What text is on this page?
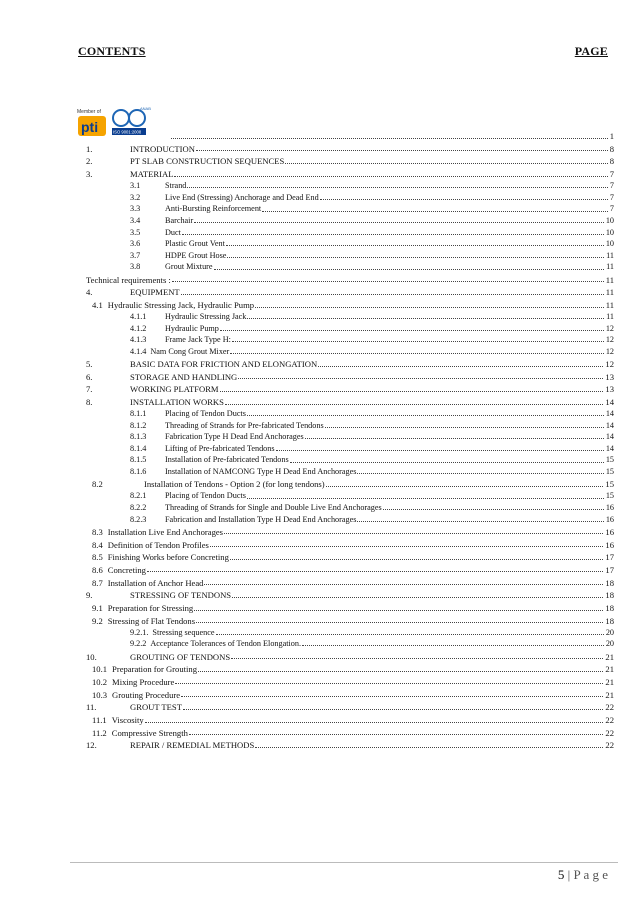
CONTENTS	PAGE
Member of
pti	ISO 9001:2008
ANAB
1
1.	INTRODUCTION	8
2.	PT SLAB CONSTRUCTION SEQUENCES	8
3.	MATERIAL	7
3.1	Strand	7
3.2	Live End (Stressing) Anchorage and Dead End	7
3.3	Anti-Bursting Reinforcement	7
3.4	Barchair	10
3.5	Duct	10
3.6	Plastic Grout Vent	10
3.7	HDPE Grout Hose	11
3.8	Grout Mixture	11
Technical requirements :	11
4.	EQUIPMENT	11
4.1 Hydraulic Stressing Jack, Hydraulic Pump	11
4.1.1	Hydraulic Stressing Jack	11
4.1.2	Hydraulic Pump	12
4.1.3	Frame Jack Type H:	12
4.1.4 Nam Cong Grout Mixer	12
5.	BASIC DATA FOR FRICTION AND ELONGATION	12
6.	STORAGE AND HANDLING	13
7.	WORKING PLATFORM	13
8.	INSTALLATION WORKS	14
8.1.1	Placing of Tendon Ducts	14
8.1.2	Threading of Strands for Pre-fabricated Tendons	14
8.1.3	Fabrication Type H Dead End Anchorages	14
8.1.4	Lifting of Pre-fabricated Tendons	14
8.1.5	Installation of Pre-fabricated Tendons	15
8.1.6	Installation of NAMCONG Type H Dead End Anchorages	15
8.2	Installation of Tendons - Option 2 (for long tendons)	15
8.2.1	Placing of Tendon Ducts	15
8.2.2	Threading of Strands for Single and Double Live End Anchorages	16
8.2.3	Fabrication and Installation Type H Dead End Anchorages	16
8.3 Installation Live End Anchorages	16
8.4 Definition of Tendon Profiles	16
8.5 Finishing Works before Concreting	17
8.6 Concreting	17
8.7 Installation of Anchor Head	18
9.	STRESSING OF TENDONS	18
9.1 Preparation for Stressing	18
9.2 Stressing of Flat Tendons	18
9.2.1. Stressing sequence	20
9.2.2 Acceptance Tolerances of Tendon Elongation.	20
10.	GROUTING OF TENDONS	21
10.1 Preparation for Grouting	21
10.2 Mixing Procedure	21
10.3 Grouting Procedure	21
11.	GROUT TEST	22
11.1 Viscosity	22
11.2 Compressive Strength	22
12.	REPAIR / REMEDIAL METHODS	22
5 | P a g e
